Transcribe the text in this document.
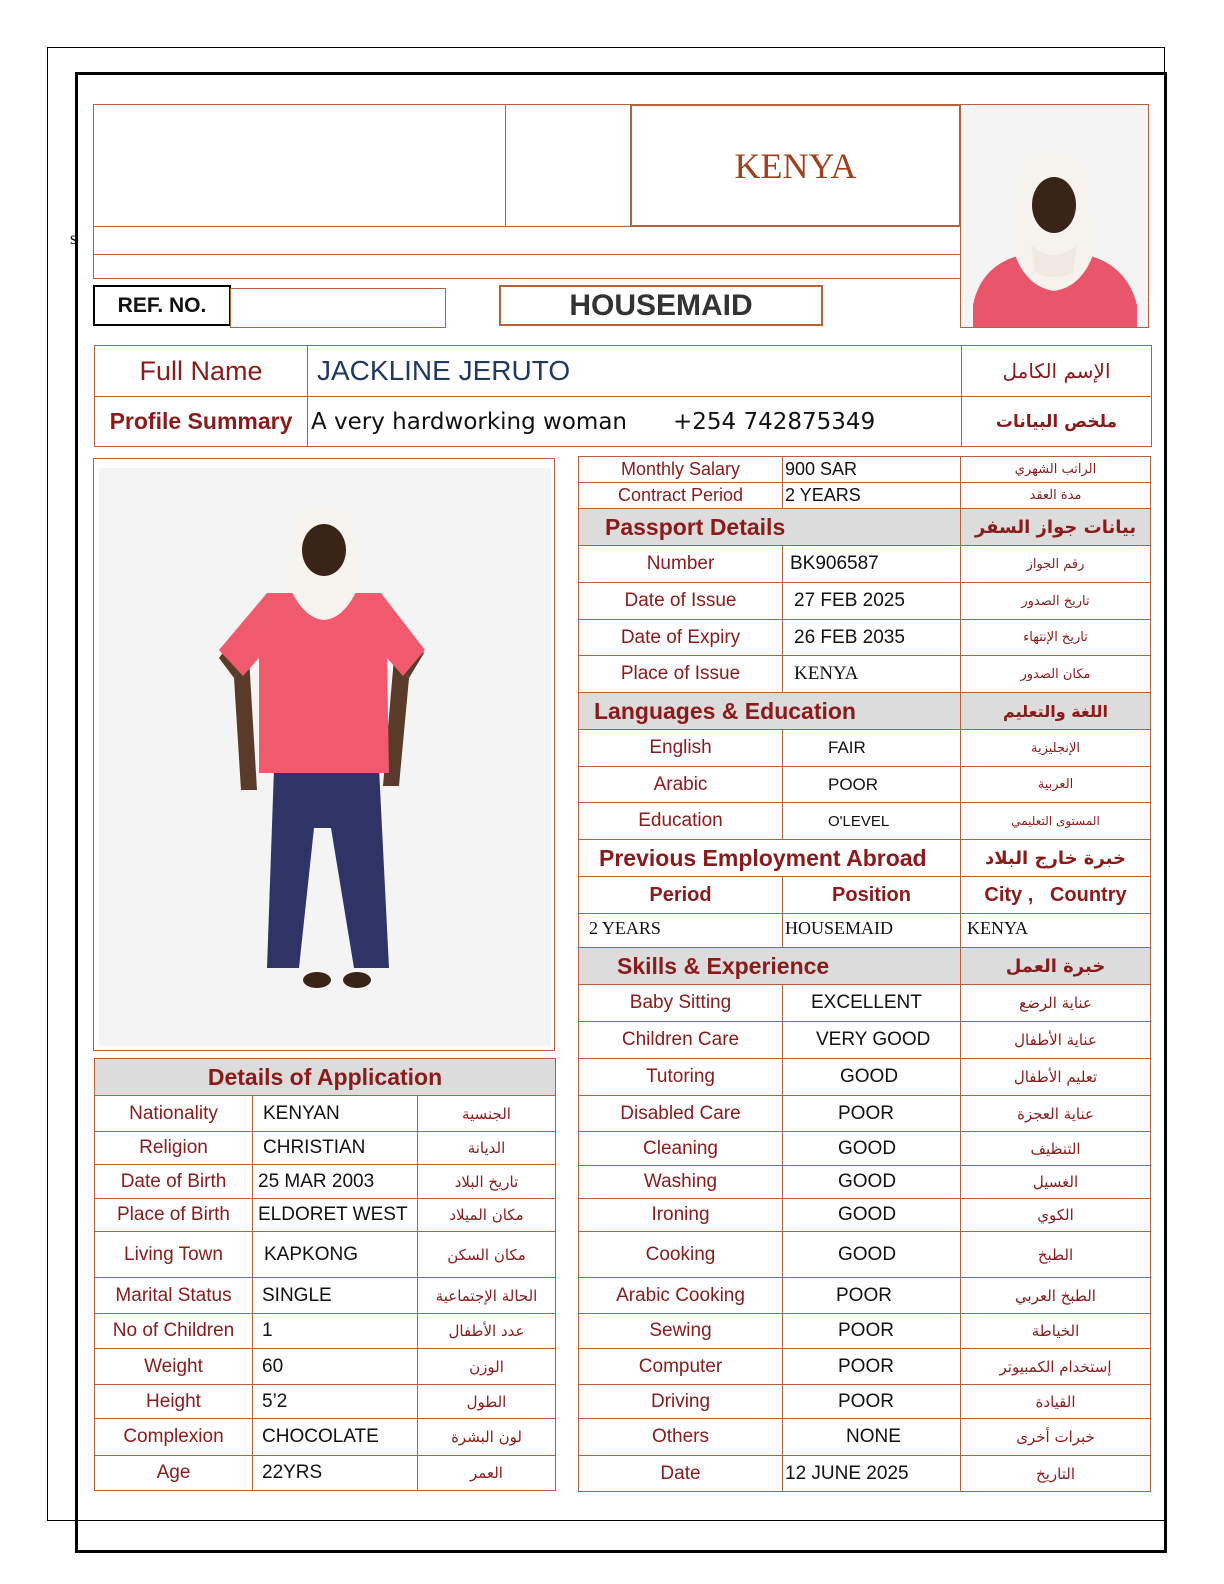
s
KENYA
REF. NO.	HOUSEMAID
Full Name	JACKLINE JERUTO	الإسم الكامل
Profile Summary	A very hardworking woman +254 742875349	ملخص البيانات
Details of Application		
Nationality	KENYAN	الجنسية
Religion	CHRISTIAN	الديانة
Date of Birth	25 MAR 2003	تاريخ البلاد
Place of Birth	ELDORET WEST	مكان الميلاد
Living Town	KAPKONG	مكان السكن
Marital Status	SINGLE	الحالة الإجتماعية
No of Children	1	عدد الأطفال
Weight	60	الوزن
Height	5’2	الطول
Complexion	CHOCOLATE	لون البشرة
Age	22YRS	العمر
Monthly Salary	900 SAR	الراتب الشهري
Contract Period	2 YEARS	مدة العقد
Passport Details		بيانات جواز السفر
Number	BK906587	رقم الجواز
Date of Issue	27 FEB 2025	تاريخ الصدور
Date of Expiry	26 FEB 2035	تاريخ الإنتهاء
Place of Issue	KENYA	مكان الصدور
Languages & Education		اللغة والتعليم
English	FAIR	الإنجليزية
Arabic	POOR	العربية
Education	O'LEVEL	المستوى التعليمي
Previous Employment Abroad		خبرة خارج البلاد
Period	Position	City ,   Country
2 YEARS	HOUSEMAID	KENYA
Skills & Experience		خبرة العمل
Baby Sitting	EXCELLENT	عناية الرضع
Children Care	VERY GOOD	عناية الأطفال
Tutoring	GOOD	تعليم الأطفال
Disabled Care	POOR	عناية العجزة
Cleaning	GOOD	التنظيف
Washing	GOOD	الغسيل
Ironing	GOOD	الكوي
Cooking	GOOD	الطبخ
Arabic Cooking	POOR	الطبخ العربي
Sewing	POOR	الخياطة
Computer	POOR	إستخدام الكمبيوتر
Driving	POOR	القيادة
Others	NONE	خبرات أخرى
Date	12 JUNE 2025	التاريخ
